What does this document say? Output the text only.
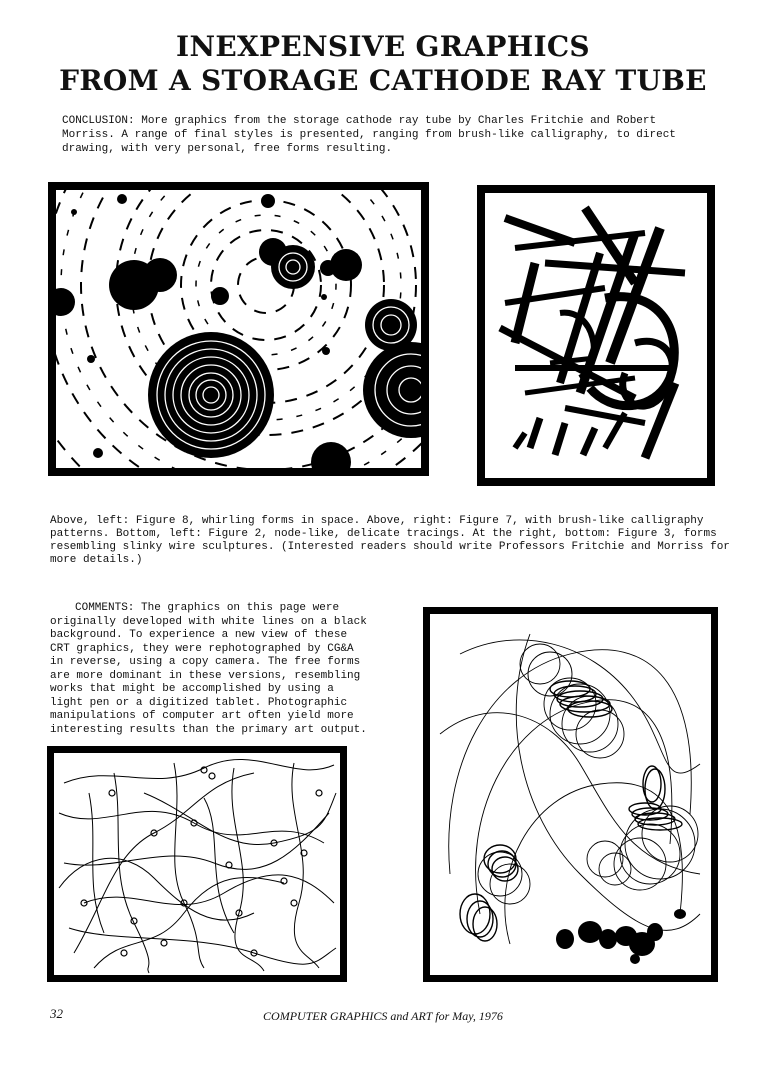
INEXPENSIVE GRAPHICS
FROM A STORAGE CATHODE RAY TUBE

CONCLUSION: More graphics from the storage cathode ray tube by Charles Fritchie and Robert Morriss. A range of final styles is presented, ranging from brush-like calligraphy, to direct drawing, with very personal, free forms resulting.

Above, left: Figure 8, whirling forms in space. Above, right: Figure 7, with brush-like calligraphy patterns. Bottom, left: Figure 2, node-like, delicate tracings. At the right, bottom: Figure 3, forms resembling slinky wire sculptures. (Interested readers should write Professors Fritchie and Morriss for more details.)

COMMENTS: The graphics on this page were originally developed with white lines on a black background. To experience a new view of these CRT graphics, they were rephotographed by CG&A in reverse, using a copy camera. The free forms are more dominant in these versions, resembling works that might be accomplished by using a light pen or a digitized tablet. Photographic manipulations of computer art often yield more interesting results than the primary art output.

32	COMPUTER GRAPHICS and ART for May, 1976
